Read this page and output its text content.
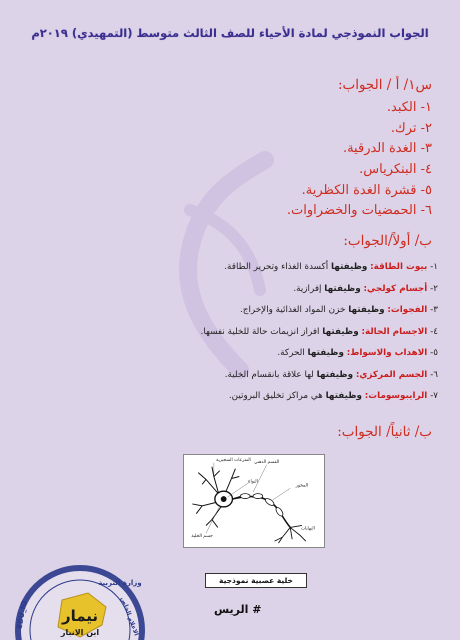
الجواب النموذجي لمادة الأحياء للصف الثالث متوسط (التمهيدي) ٢٠١٩م
س١/ أ / الجواب:
١- الكبد.
٢- ترك.
٣- الغدة الدرقية.
٤- البنكرياس.
٥- قشرة الغدة الكظرية.
٦- الحمضيات والخضراوات.
ب/ أولاً/الجواب:
١- بيوت الطاقة: وظيفتها أكسدة الغذاء وتحرير الطاقة.
٢- أجسام كولجي: وظيفتها إفرازية.
٣- الفجوات: وظيفتها خزن المواد الغذائية والإخراج.
٤- الاجسام الحالة: وظيفتها افراز انزيمات حالة للخلية نفسها.
٥- الاهداب والاسواط: وظيفتها الحركة.
٦- الجسم المركزي: وظيفتها لها علاقة بانقسام الخلية.
٧- الرايبوسومات: وظيفتها هي مراكز تخليق البروتين.
ب/ ثانياً/ الجواب:
التفرعات الشجيرية القسم الدهني
النواة
المحور
جسم الخلية
النهايات
خلية عصبية نموذجية
# الريس
نيمار
ابن الانبار
وزارة التربية
EDU_IQ	الاعلام الخاص
